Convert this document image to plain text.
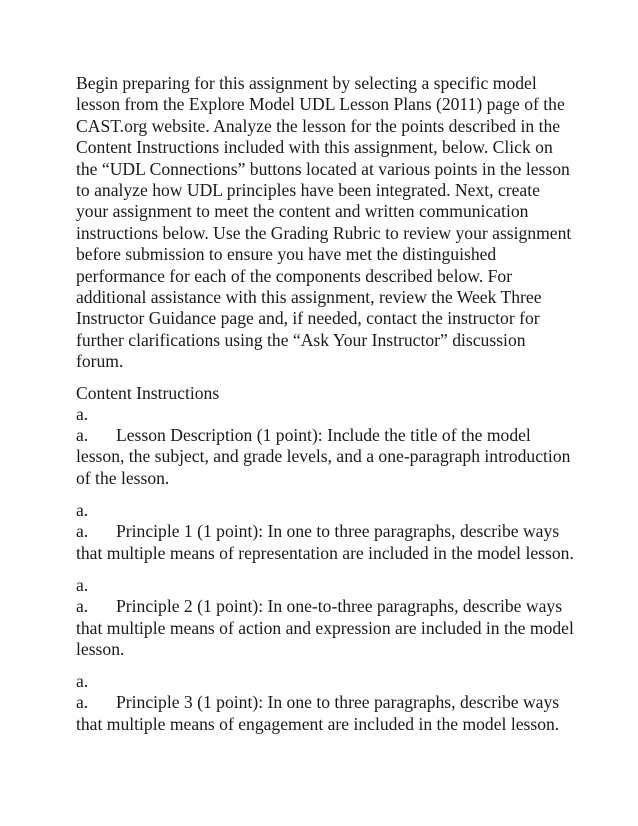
Begin preparing for this assignment by selecting a specific model lesson from the Explore Model UDL Lesson Plans (2011) page of the CAST.org website. Analyze the lesson for the points described in the Content Instructions included with this assignment, below. Click on the “UDL Connections” buttons located at various points in the lesson to analyze how UDL principles have been integrated. Next, create your assignment to meet the content and written communication instructions below. Use the Grading Rubric to review your assignment before submission to ensure you have met the distinguished performance for each of the components described below. For additional assistance with this assignment, review the Week Three Instructor Guidance page and, if needed, contact the instructor for further clarifications using the “Ask Your Instructor” discussion forum.

Content Instructions

a.

a. Lesson Description (1 point): Include the title of the model lesson, the subject, and grade levels, and a one-paragraph introduction of the lesson.

a.

a. Principle 1 (1 point): In one to three paragraphs, describe ways that multiple means of representation are included in the model lesson.

a.

a. Principle 2 (1 point): In one-to-three paragraphs, describe ways that multiple means of action and expression are included in the model lesson.

a.

a. Principle 3 (1 point): In one to three paragraphs, describe ways that multiple means of engagement are included in the model lesson.
